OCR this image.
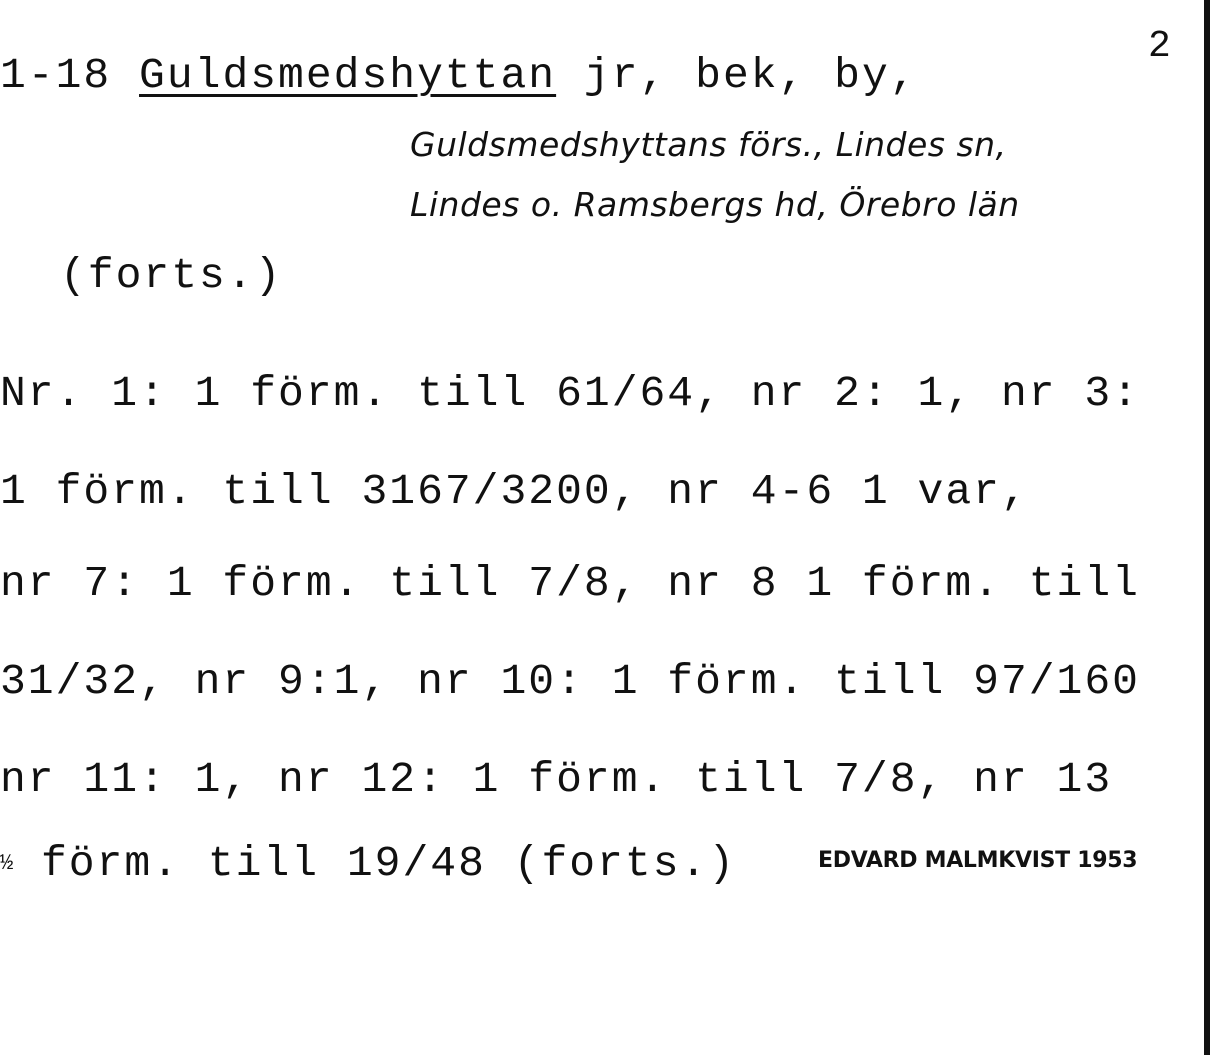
2
1-18 Guldsmedshyttan jr, bek, by,
Guldsmedshyttans förs., Lindes sn,
Lindes o. Ramsbergs hd, Örebro län
(forts.)
Nr. 1: 1 förm. till 61/64, nr 2: 1, nr 3:
1 förm. till 3167/3200, nr 4-6 1 var,
nr 7: 1 förm. till 7/8, nr 8 1 förm. till
31/32, nr 9:1, nr 10: 1 förm. till 97/160
nr 11: 1, nr 12: 1 förm. till 7/8, nr 13
½ förm. till 19/48 (forts.)	EDVARD MALMKVIST 1953
